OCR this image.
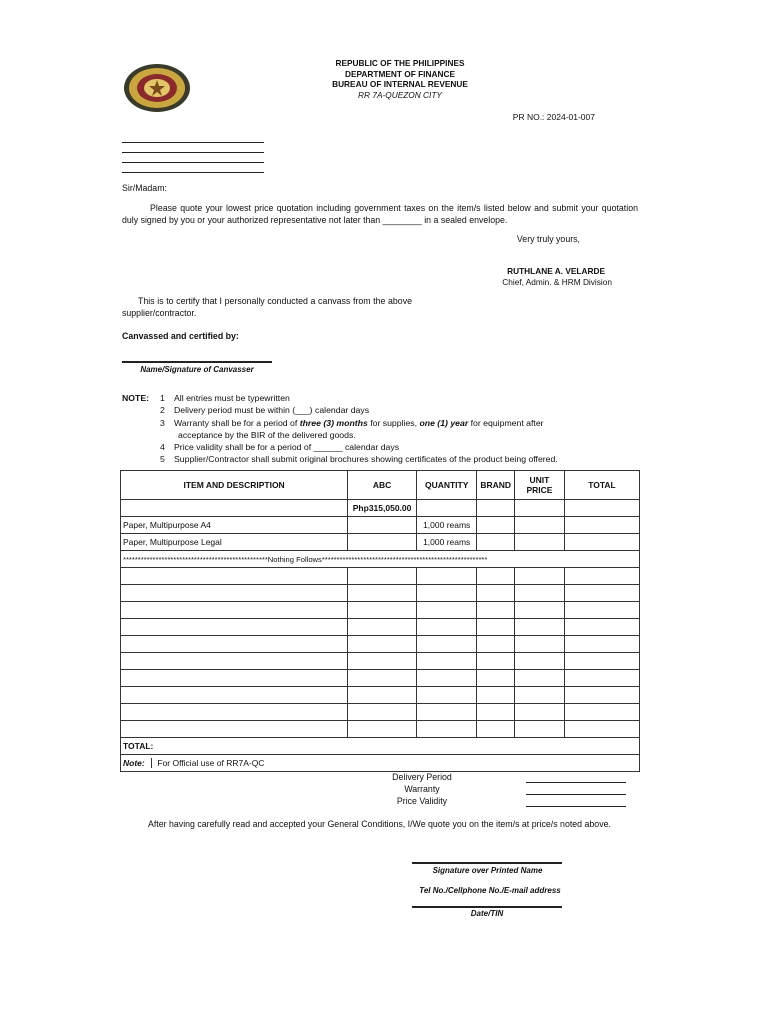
REPUBLIC OF THE PHILIPPINES
DEPARTMENT OF FINANCE
BUREAU OF INTERNAL REVENUE
RR 7A-QUEZON CITY
PR NO.: 2024-01-007
Sir/Madam:
Please quote your lowest price quotation including government taxes on the item/s listed below and submit your quotation duly signed by you or your authorized representative not later than ________ in a sealed envelope.
Very truly yours,
RUTHLANE A. VELARDE
Chief, Admin. & HRM Division
This is to certify that I personally conducted a canvass from the above supplier/contractor.
Canvassed and certified by:
Name/Signature of Canvasser
NOTE:	1	All entries must be typewritten
2	Delivery period must be within (___) calendar days
3	Warranty shall be for a period of three (3) months for supplies, one (1) year for equipment after
acceptance by the BIR of the delivered goods.
4	Price validity shall be for a period of ______ calendar days
5	Supplier/Contractor shall submit original brochures showing certificates of the product being offered.
ITEM AND DESCRIPTION	ABC	QUANTITY	BRAND	UNIT PRICE	TOTAL
	Php315,050.00				
Paper, Multipurpose A4		1,000 reams			
Paper, Multipurpose Legal		1,000 reams			
*************************************************Nothing Follows********************************************************					

TOTAL:					
Note: For Official use of RR7A-QC					
Delivery Period
Warranty
Price Validity
After having carefully read and accepted your General Conditions, I/We quote you on the item/s at price/s noted above.
Signature over Printed Name
Tel No./Cellphone No./E-mail address
Date/TIN
